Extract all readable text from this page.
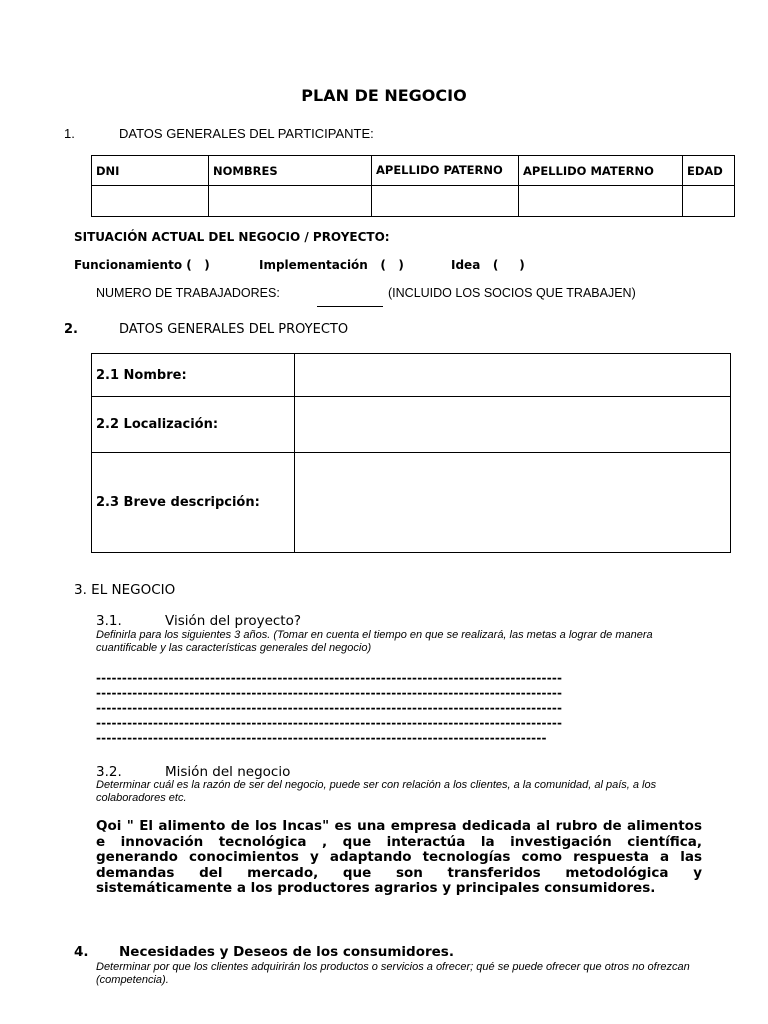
PLAN DE NEGOCIO
1.	DATOS GENERALES DEL PARTICIPANTE:
DNI	NOMBRES	APELLIDO PATERNO	APELLIDO MATERNO	EDAD

SITUACIÓN ACTUAL DEL NEGOCIO / PROYECTO:
Funcionamiento (   )	Implementación   (   )	Idea   (     )
NUMERO DE TRABAJADORES:	(INCLUIDO LOS SOCIOS QUE TRABAJEN)
2.	DATOS GENERALES DEL PROYECTO
2.1 Nombre:	
2.2 Localización:	
2.3 Breve descripción:	
3. EL NEGOCIO
3.1.	Visión del proyecto?
Definirla para los siguientes 3 años. (Tomar en cuenta el tiempo en que se realizará, las metas a lograr de manera cuantificable y las características generales del negocio)
------------------------------------------------------------------------------------------
------------------------------------------------------------------------------------------
------------------------------------------------------------------------------------------
------------------------------------------------------------------------------------------
---------------------------------------------------------------------------------------
3.2.	Misión del negocio
Determinar cuál es la razón de ser del negocio, puede ser con relación a los clientes, a la comunidad, al país, a los colaboradores etc.
Qoi " El alimento de los Incas" es una empresa dedicada al rubro de alimentos e innovación tecnológica , que interactúa la investigación científica, generando conocimientos y adaptando tecnologías como respuesta a las demandas del mercado, que son transferidos metodológica y sistemáticamente a los productores agrarios y principales consumidores.
4. Necesidades y Deseos de los consumidores.
Determinar por que los clientes adquirirán los productos o servicios a ofrecer; qué se puede ofrecer que otros no ofrezcan (competencia).
